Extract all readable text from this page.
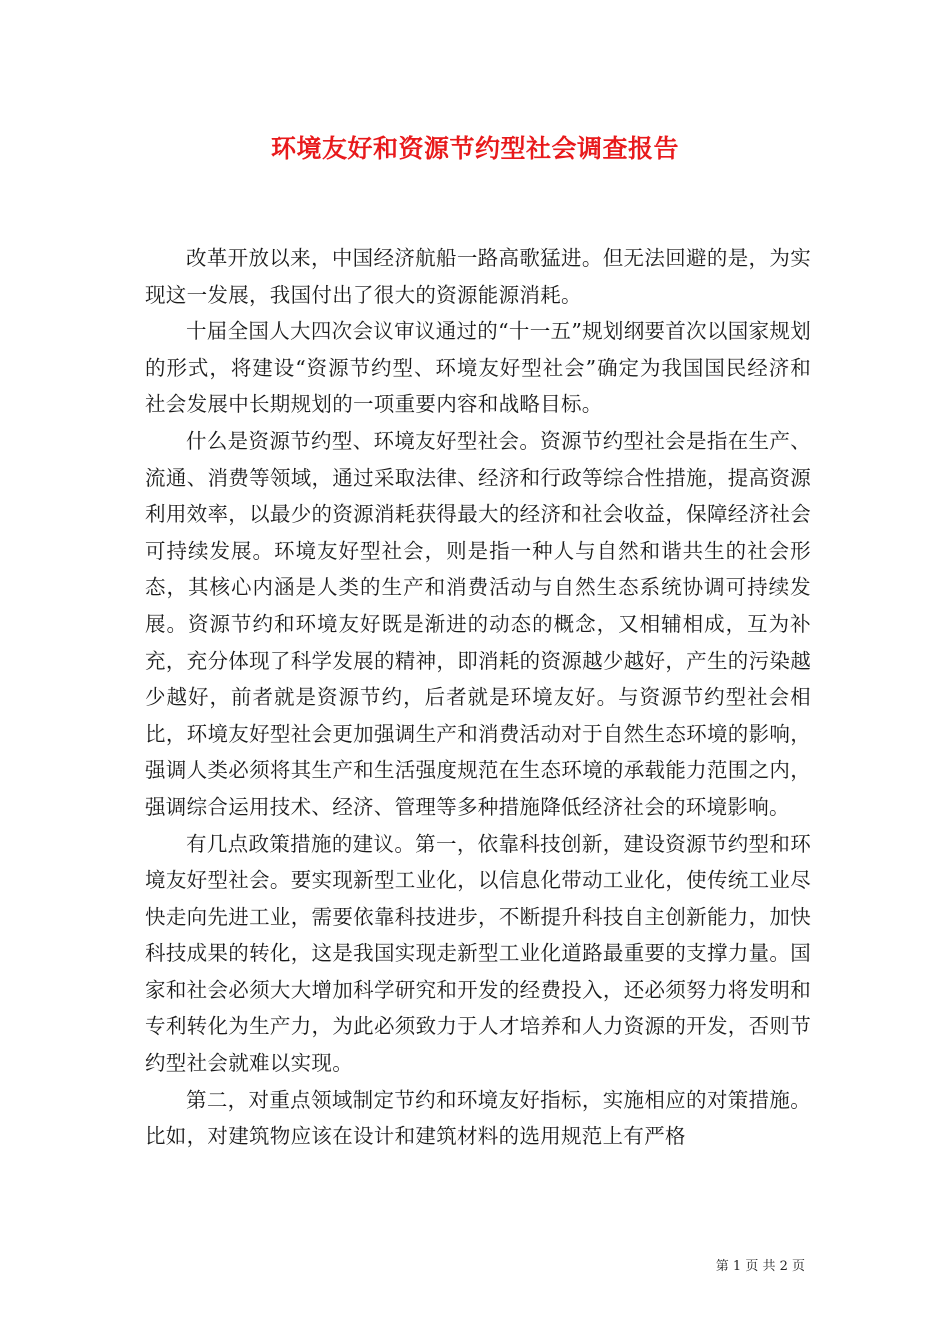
环境友好和资源节约型社会调查报告

改革开放以来，中国经济航船一路高歌猛进。但无法回避的是，为实现这一发展，我国付出了很大的资源能源消耗。

十届全国人大四次会议审议通过的“十一五”规划纲要首次以国家规划的形式，将建设“资源节约型、环境友好型社会”确定为我国国民经济和社会发展中长期规划的一项重要内容和战略目标。

什么是资源节约型、环境友好型社会。资源节约型社会是指在生产、流通、消费等领域，通过采取法律、经济和行政等综合性措施，提高资源利用效率，以最少的资源消耗获得最大的经济和社会收益，保障经济社会可持续发展。环境友好型社会，则是指一种人与自然和谐共生的社会形态，其核心内涵是人类的生产和消费活动与自然生态系统协调可持续发展。资源节约和环境友好既是渐进的动态的概念，又相辅相成，互为补充，充分体现了科学发展的精神，即消耗的资源越少越好，产生的污染越少越好，前者就是资源节约，后者就是环境友好。与资源节约型社会相比，环境友好型社会更加强调生产和消费活动对于自然生态环境的影响，强调人类必须将其生产和生活强度规范在生态环境的承载能力范围之内，强调综合运用技术、经济、管理等多种措施降低经济社会的环境影响。

有几点政策措施的建议。第一，依靠科技创新，建设资源节约型和环境友好型社会。要实现新型工业化，以信息化带动工业化，使传统工业尽快走向先进工业，需要依靠科技进步，不断提升科技自主创新能力，加快科技成果的转化，这是我国实现走新型工业化道路最重要的支撑力量。国家和社会必须大大增加科学研究和开发的经费投入，还必须努力将发明和专利转化为生产力，为此必须致力于人才培养和人力资源的开发，否则节约型社会就难以实现。

第二，对重点领域制定节约和环境友好指标，实施相应的对策措施。比如，对建筑物应该在设计和建筑材料的选用规范上有严格

第 1 页 共 2 页
